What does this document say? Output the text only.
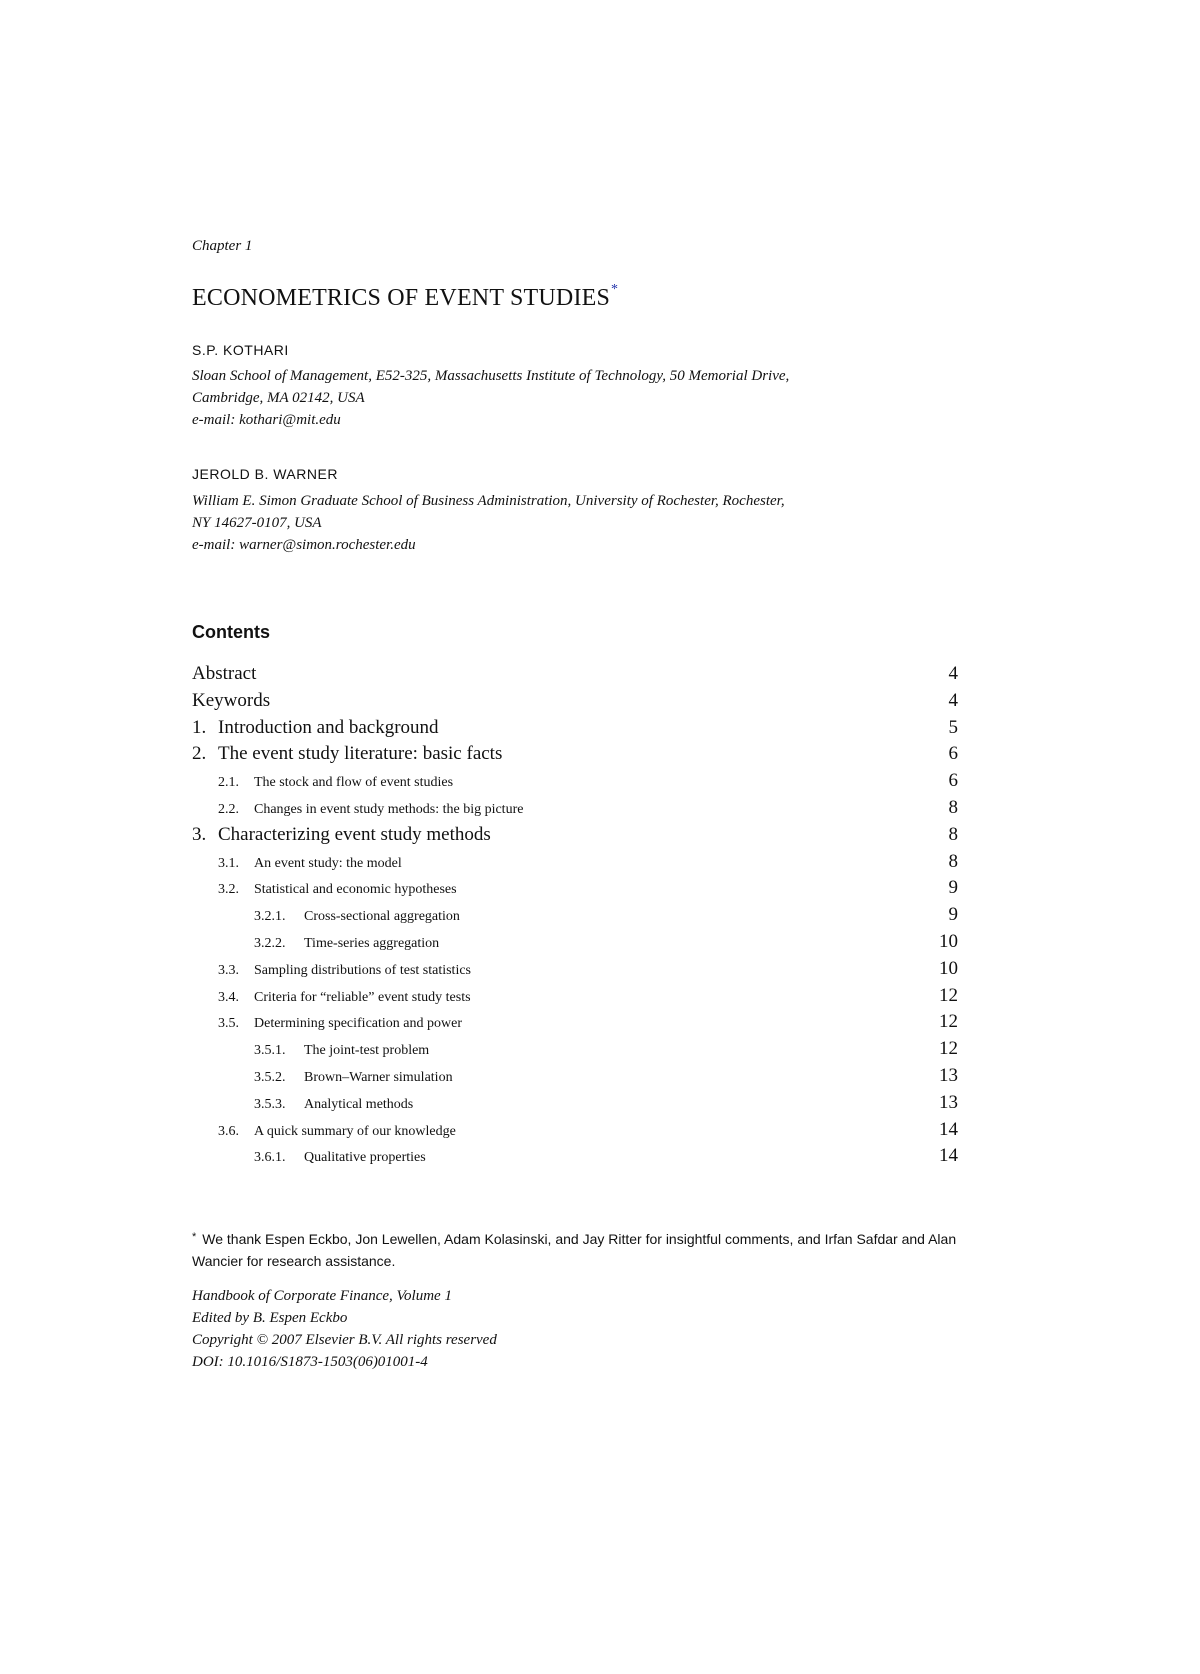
Chapter 1
ECONOMETRICS OF EVENT STUDIES*
S.P. KOTHARI
Sloan School of Management, E52-325, Massachusetts Institute of Technology, 50 Memorial Drive,
Cambridge, MA 02142, USA
e-mail: kothari@mit.edu
JEROLD B. WARNER
William E. Simon Graduate School of Business Administration, University of Rochester, Rochester,
NY 14627-0107, USA
e-mail: warner@simon.rochester.edu
Contents
Abstract	4
Keywords	4
1. Introduction and background	5
2. The event study literature: basic facts	6
2.1. The stock and flow of event studies	6
2.2. Changes in event study methods: the big picture	8
3. Characterizing event study methods	8
3.1. An event study: the model	8
3.2. Statistical and economic hypotheses	9
3.2.1. Cross-sectional aggregation	9
3.2.2. Time-series aggregation	10
3.3. Sampling distributions of test statistics	10
3.4. Criteria for “reliable” event study tests	12
3.5. Determining specification and power	12
3.5.1. The joint-test problem	12
3.5.2. Brown–Warner simulation	13
3.5.3. Analytical methods	13
3.6. A quick summary of our knowledge	14
3.6.1. Qualitative properties	14
* We thank Espen Eckbo, Jon Lewellen, Adam Kolasinski, and Jay Ritter for insightful comments, and Irfan Safdar and Alan Wancier for research assistance.
Handbook of Corporate Finance, Volume 1
Edited by B. Espen Eckbo
Copyright © 2007 Elsevier B.V. All rights reserved
DOI: 10.1016/S1873-1503(06)01001-4
